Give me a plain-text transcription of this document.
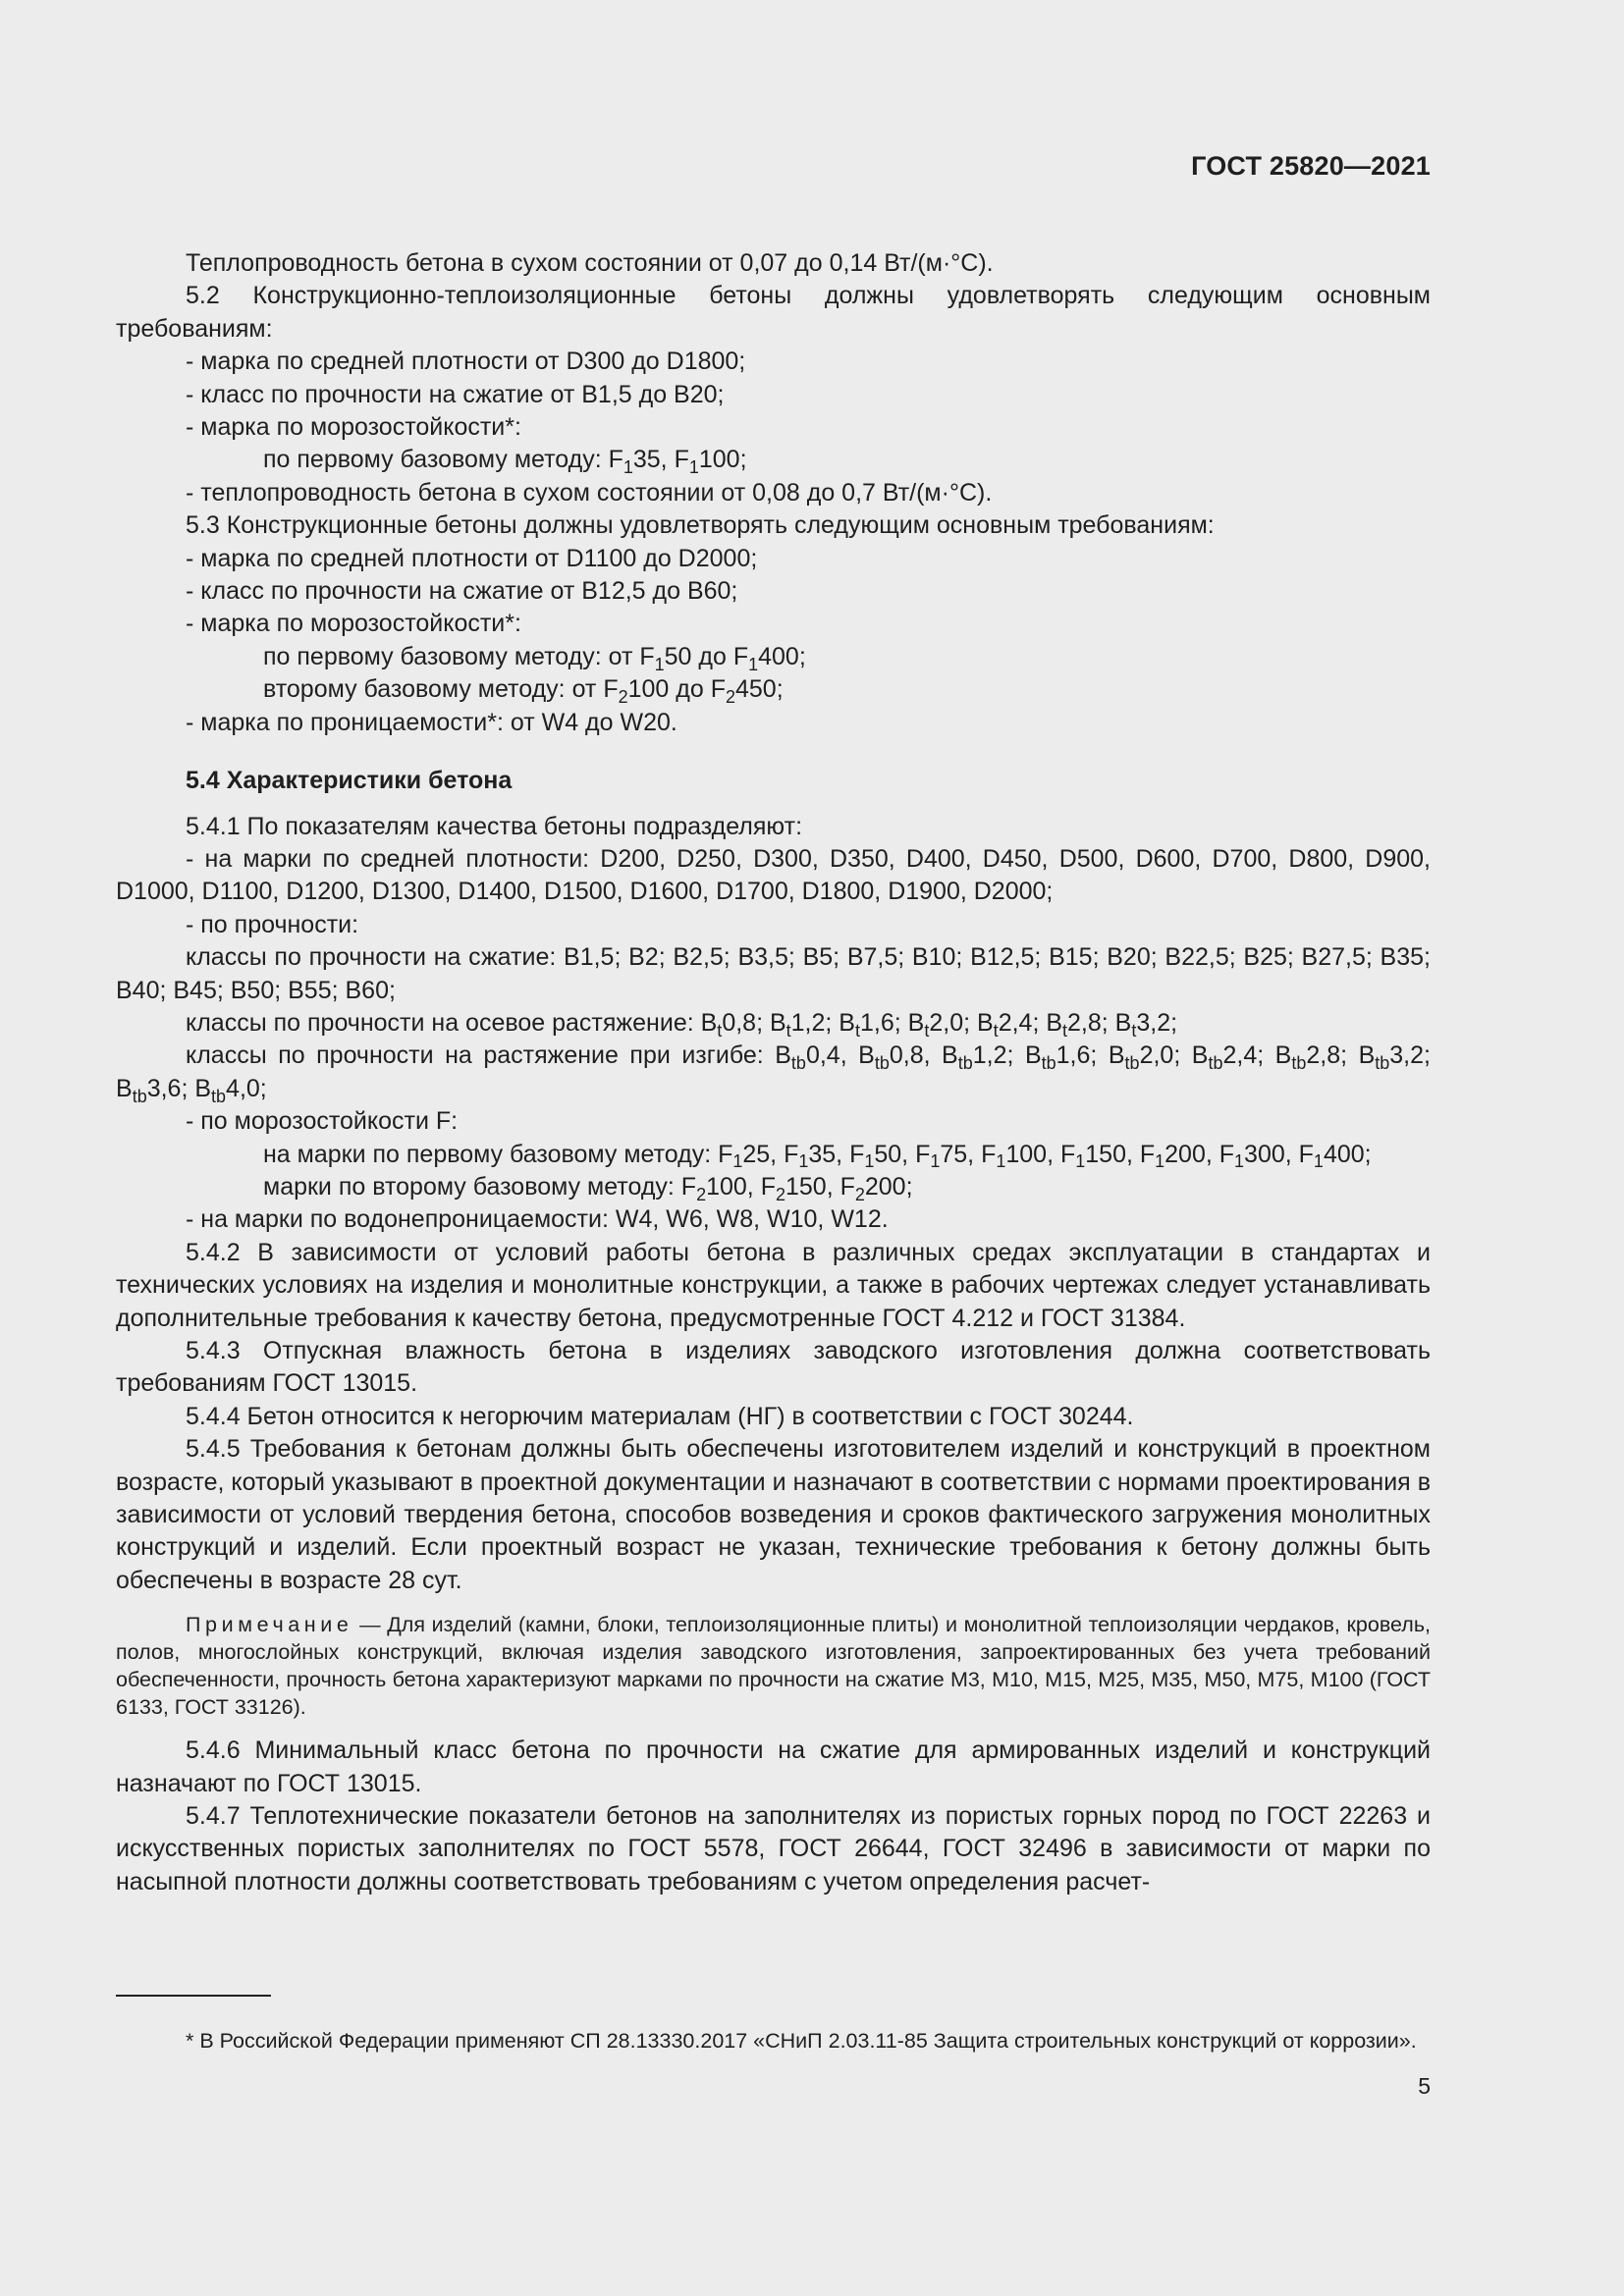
ГОСТ 25820—2021

Теплопроводность бетона в сухом состоянии от 0,07 до 0,14 Вт/(м·°С).

5.2 Конструкционно-теплоизоляционные бетоны должны удовлетворять следующим основным требованиям:

- марка по средней плотности от D300 до D1800;

- класс по прочности на сжатие от В1,5 до В20;

- марка по морозостойкости*:

по первому базовому методу: $F_135$, $F_1100$;

- теплопроводность бетона в сухом состоянии от 0,08 до 0,7 Вт/(м·°С).

5.3 Конструкционные бетоны должны удовлетворять следующим основным требованиям:

- марка по средней плотности от D1100 до D2000;

- класс по прочности на сжатие от В12,5 до В60;

- марка по морозостойкости*:

по первому базовому методу: от $F_150$ до $F_1400$;

второму базовому методу: от $F_2100$ до $F_2450$;

- марка по проницаемости*: от W4 до W20.

5.4 Характеристики бетона

5.4.1 По показателям качества бетоны подразделяют:

- на марки по средней плотности: D200, D250, D300, D350, D400, D450, D500, D600, D700, D800, D900, D1000, D1100, D1200, D1300, D1400, D1500, D1600, D1700, D1800, D1900, D2000;

- по прочности:

классы по прочности на сжатие: В1,5; В2; В2,5; В3,5; В5; В7,5; В10; В12,5; В15; В20; В22,5; В25; В27,5; В35; В40; В45; В50; В55; В60;

классы по прочности на осевое растяжение: $B_t0,8$; $B_t1,2$; $B_t1,6$; $B_t2,0$; $B_t2,4$; $B_t2,8$; $B_t3,2$;

классы по прочности на растяжение при изгибе: $B_{tb}0,4$, $B_{tb}0,8$, $B_{tb}1,2$; $B_{tb}1,6$; $B_{tb}2,0$; $B_{tb}2,4$; $B_{tb}2,8$; $B_{tb}3,2$; $B_{tb}3,6$; $B_{tb}4,0$;

- по морозостойкости F:

на марки по первому базовому методу: $F_125$, $F_135$, $F_150$, $F_175$, $F_1100$, $F_1150$, $F_1200$, $F_1300$, $F_1400$;

марки по второму базовому методу: $F_2100$, $F_2150$, $F_2200$;

- на марки по водонепроницаемости: W4, W6, W8, W10, W12.

5.4.2 В зависимости от условий работы бетона в различных средах эксплуатации в стандартах и технических условиях на изделия и монолитные конструкции, а также в рабочих чертежах следует устанавливать дополнительные требования к качеству бетона, предусмотренные ГОСТ 4.212 и ГОСТ 31384.

5.4.3 Отпускная влажность бетона в изделиях заводского изготовления должна соответствовать требованиям ГОСТ 13015.

5.4.4 Бетон относится к негорючим материалам (НГ) в соответствии с ГОСТ 30244.

5.4.5 Требования к бетонам должны быть обеспечены изготовителем изделий и конструкций в проектном возрасте, который указывают в проектной документации и назначают в соответствии с нормами проектирования в зависимости от условий твердения бетона, способов возведения и сроков фактического загружения монолитных конструкций и изделий. Если проектный возраст не указан, технические требования к бетону должны быть обеспечены в возрасте 28 сут.

Примечание — Для изделий (камни, блоки, теплоизоляционные плиты) и монолитной теплоизоляции чердаков, кровель, полов, многослойных конструкций, включая изделия заводского изготовления, запроектированных без учета требований обеспеченности, прочность бетона характеризуют марками по прочности на сжатие М3, М10, М15, М25, М35, М50, М75, М100 (ГОСТ 6133, ГОСТ 33126).

5.4.6 Минимальный класс бетона по прочности на сжатие для армированных изделий и конструкций назначают по ГОСТ 13015.

5.4.7 Теплотехнические показатели бетонов на заполнителях из пористых горных пород по ГОСТ 22263 и искусственных пористых заполнителях по ГОСТ 5578, ГОСТ 26644, ГОСТ 32496 в зависимости от марки по насыпной плотности должны соответствовать требованиям с учетом определения расчет-

* В Российской Федерации применяют СП 28.13330.2017 «СНиП 2.03.11-85 Защита строительных конструкций от коррозии».

5
